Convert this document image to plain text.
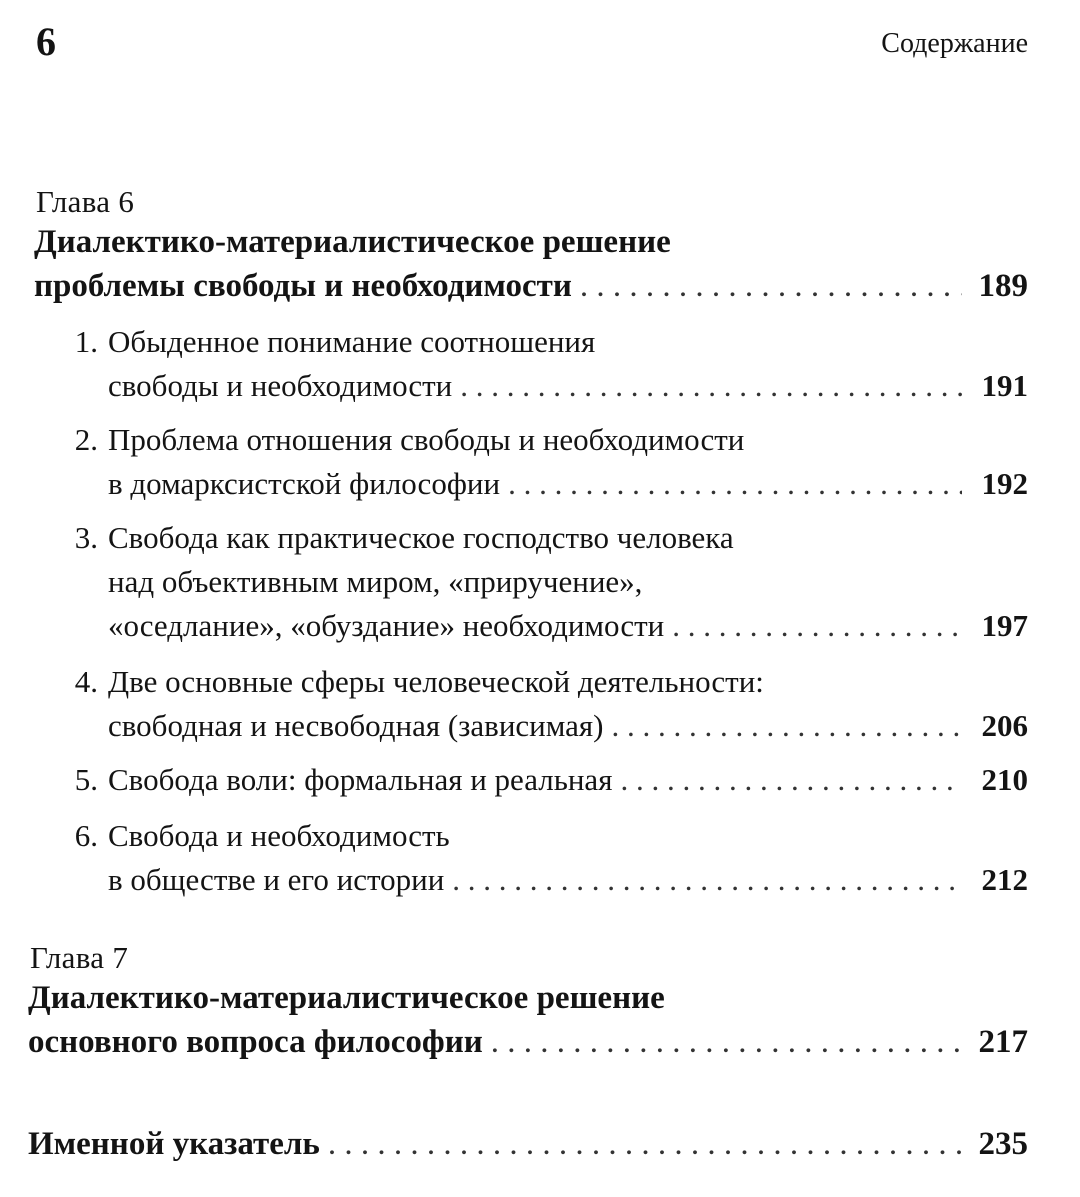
6	Содержание
Глава 6
Диалектико-материалистическое решение
проблемы свободы и необходимости . . .	189
1. Обыденное понимание соотношения
свободы и необходимости . . .	191
2. Проблема отношения свободы и необходимости
в домарксистской философии . . .	192
3. Свобода как практическое господство человека
над объективным миром, «приручение»,
«оседлание», «обуздание» необходимости . . .	197
4. Две основные сферы человеческой деятельности:
свободная и несвободная (зависимая) . . .	206
5. Свобода воли: формальная и реальная . . .	210
6. Свобода и необходимость
в обществе и его истории . . .	212
Глава 7
Диалектико-материалистическое решение
основного вопроса философии . . .	217
Именной указатель . . .	235
